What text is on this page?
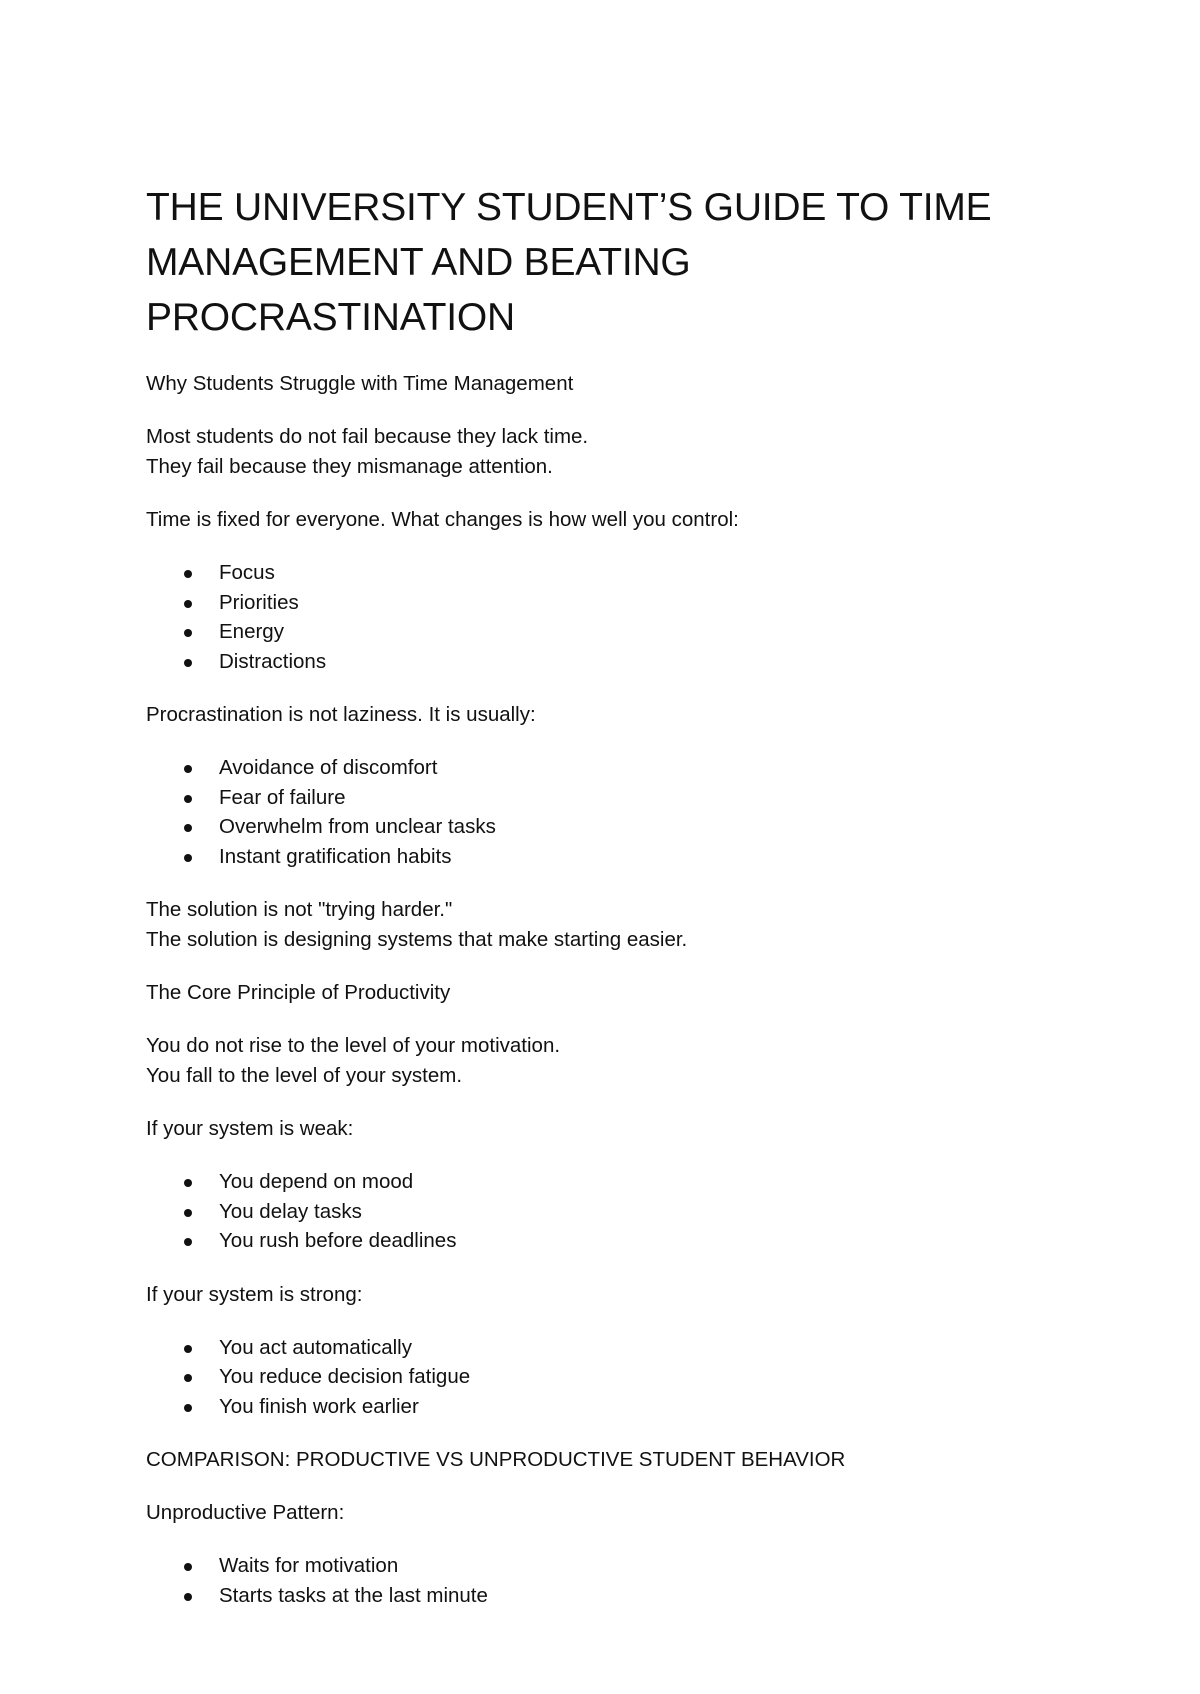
THE UNIVERSITY STUDENT’S GUIDE TO TIME
MANAGEMENT AND BEATING
PROCRASTINATION

Why Students Struggle with Time Management

Most students do not fail because they lack time.
They fail because they mismanage attention.

Time is fixed for everyone. What changes is how well you control:

Focus
Priorities
Energy
Distractions

Procrastination is not laziness. It is usually:

Avoidance of discomfort
Fear of failure
Overwhelm from unclear tasks
Instant gratification habits

The solution is not "trying harder."
The solution is designing systems that make starting easier.

The Core Principle of Productivity

You do not rise to the level of your motivation.
You fall to the level of your system.

If your system is weak:

You depend on mood
You delay tasks
You rush before deadlines

If your system is strong:

You act automatically
You reduce decision fatigue
You finish work earlier

COMPARISON: PRODUCTIVE VS UNPRODUCTIVE STUDENT BEHAVIOR

Unproductive Pattern:

Waits for motivation
Starts tasks at the last minute
